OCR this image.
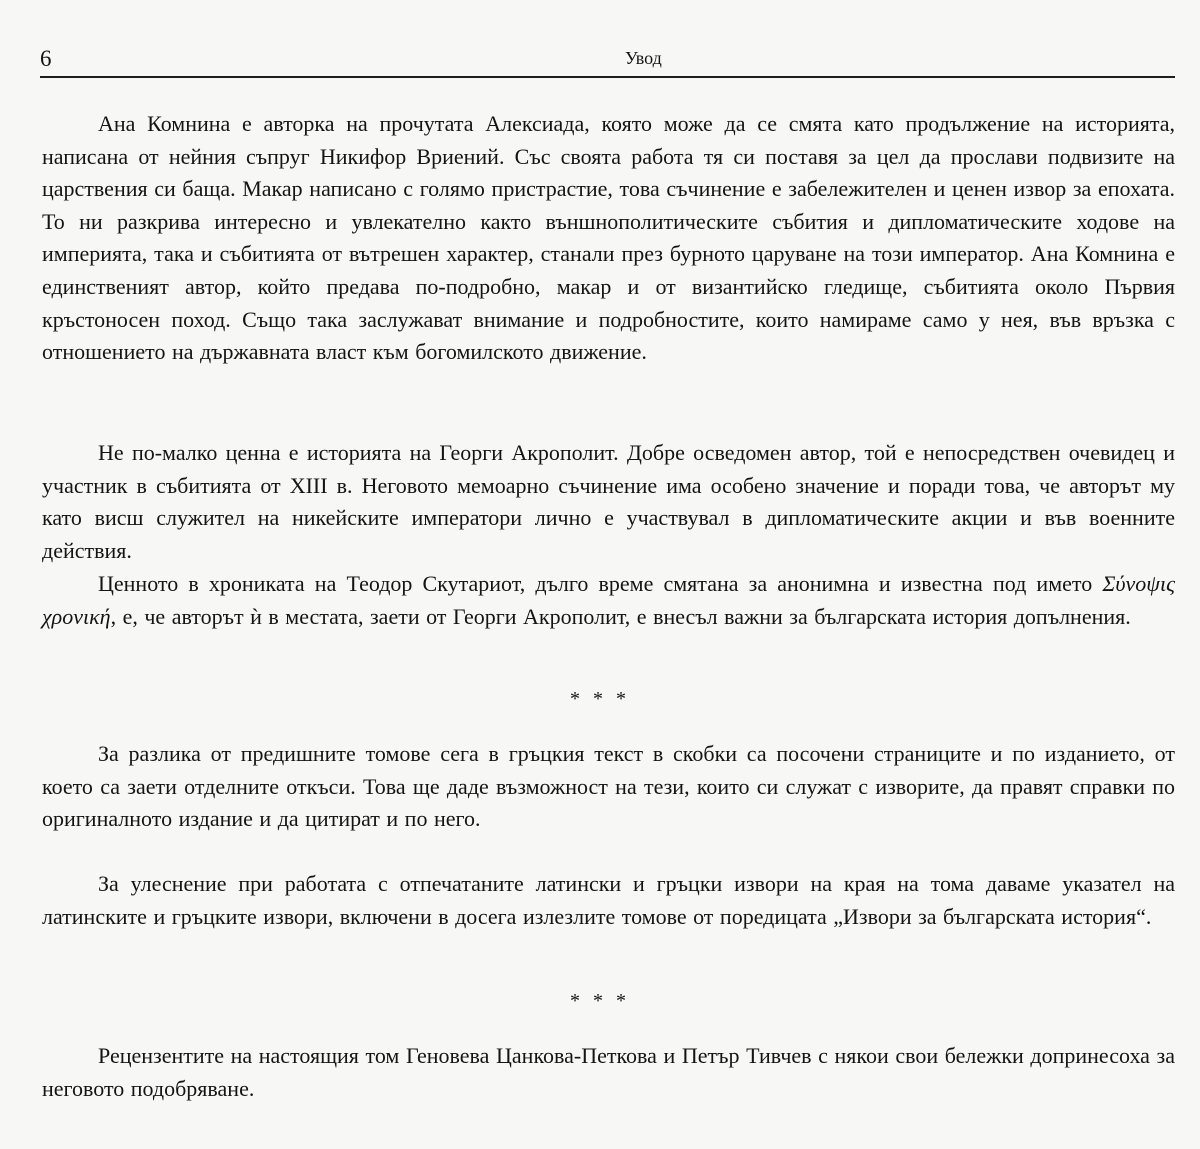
6	Увод

Ана Комнина е авторка на прочутата Алексиада, която може да се смята като продължение на историята, написана от нейния съпруг Никифор Вриений. Със своята работа тя си поставя за цел да прослави подвизите на царствения си баща. Макар написано с голямо пристрастие, това съчинение е забележителен и ценен извор за епохата. То ни разкрива интересно и увлекателно както външнополитическите събития и дипломатическите ходове на империята, така и събитията от вътрешен характер, станали през бурното царуване на този император. Ана Комнина е единственият автор, който предава по-подробно, макар и от византийско гледище, събитията около Първия кръстоносен поход. Също така заслужават внимание и подробностите, които намираме само у нея, във връзка с отношението на държавната власт към богомилското движение.

Не по-малко ценна е историята на Георги Акрополит. Добре осведомен автор, той е непосредствен очевидец и участник в събитията от XIII в. Неговото мемоарно съчинение има особено значение и поради това, че авторът му като висш служител на никейските императори лично е участвувал в дипломатическите акции и във военните действия.

Ценното в хрониката на Теодор Скутариот, дълго време смятана за анонимна и известна под името Σύνοψις χρονική, е, че авторът ѝ в местата, заети от Георги Акрополит, е внесъл важни за българската история допълнения.

* * *

За разлика от предишните томове сега в гръцкия текст в скобки са посочени страниците и по изданието, от което са заети отделните откъси. Това ще даде възможност на тези, които си служат с изворите, да правят справки по оригиналното издание и да цитират и по него.

За улеснение при работата с отпечатаните латински и гръцки извори на края на тома даваме указател на латинските и гръцките извори, включени в досега излезлите томове от поредицата „Извори за българската история“.

* * *

Рецензентите на настоящия том Геновева Цанкова-Петкова и Петър Тивчев с някои свои бележки допринесоха за неговото подобряване.
